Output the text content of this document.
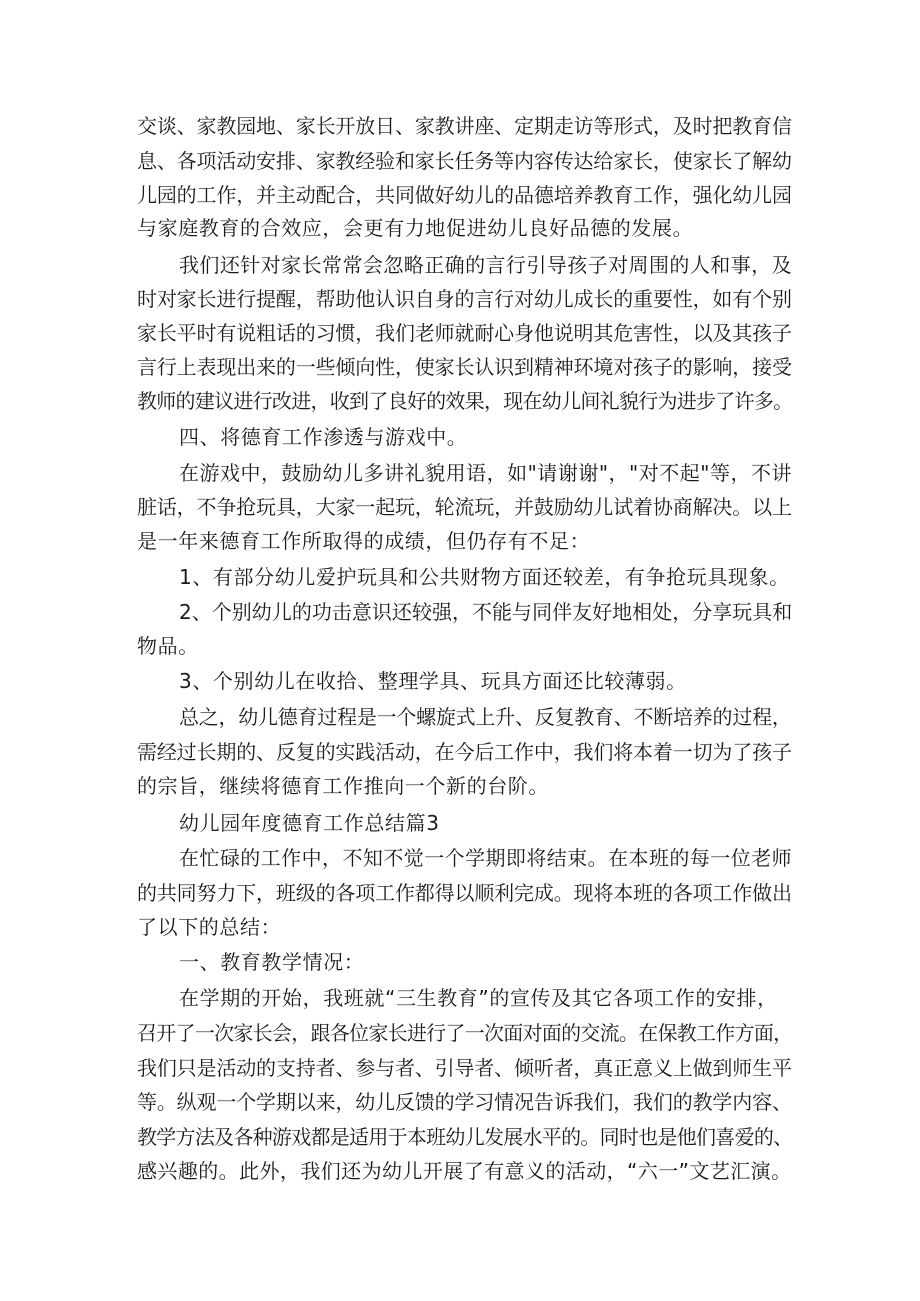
交谈、家教园地、家长开放日、家教讲座、定期走访等形式，及时把教育信
息、各项活动安排、家教经验和家长任务等内容传达给家长，使家长了解幼
儿园的工作，并主动配合，共同做好幼儿的品德培养教育工作，强化幼儿园
与家庭教育的合效应，会更有力地促进幼儿良好品德的发展。
我们还针对家长常常会忽略正确的言行引导孩子对周围的人和事，及
时对家长进行提醒，帮助他认识自身的言行对幼儿成长的重要性，如有个别
家长平时有说粗话的习惯，我们老师就耐心身他说明其危害性，以及其孩子
言行上表现出来的一些倾向性，使家长认识到精神环境对孩子的影响，接受
教师的建议进行改进，收到了良好的效果，现在幼儿间礼貌行为进步了许多。
四、将德育工作渗透与游戏中。
在游戏中，鼓励幼儿多讲礼貌用语，如"请谢谢"，"对不起"等，不讲
脏话，不争抢玩具，大家一起玩，轮流玩，并鼓励幼儿试着协商解决。以上
是一年来德育工作所取得的成绩，但仍存有不足：
1、有部分幼儿爱护玩具和公共财物方面还较差，有争抢玩具现象。
2、个别幼儿的功击意识还较强，不能与同伴友好地相处，分享玩具和
物品。
3、个别幼儿在收拾、整理学具、玩具方面还比较薄弱。
总之，幼儿德育过程是一个螺旋式上升、反复教育、不断培养的过程，
需经过长期的、反复的实践活动，在今后工作中，我们将本着一切为了孩子
的宗旨，继续将德育工作推向一个新的台阶。
幼儿园年度德育工作总结篇3
在忙碌的工作中，不知不觉一个学期即将结束。在本班的每一位老师
的共同努力下，班级的各项工作都得以顺利完成。现将本班的各项工作做出
了以下的总结：
一、教育教学情况：
在学期的开始，我班就“三生教育”的宣传及其它各项工作的安排，
召开了一次家长会，跟各位家长进行了一次面对面的交流。在保教工作方面，
我们只是活动的支持者、参与者、引导者、倾听者，真正意义上做到师生平
等。纵观一个学期以来，幼儿反馈的学习情况告诉我们，我们的教学内容、
教学方法及各种游戏都是适用于本班幼儿发展水平的。同时也是他们喜爱的、
感兴趣的。此外，我们还为幼儿开展了有意义的活动，“六一”文艺汇演。
